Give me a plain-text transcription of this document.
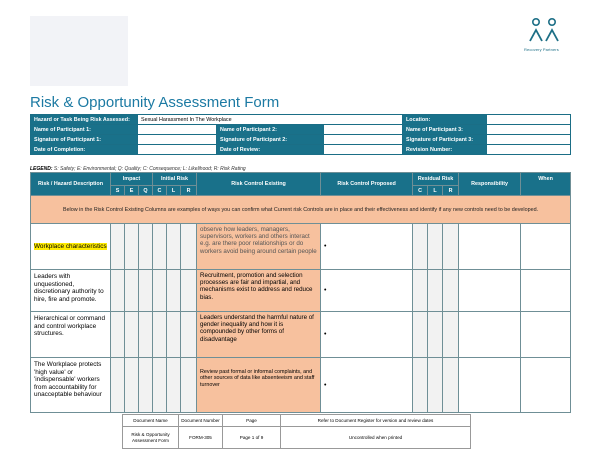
Recovery Partners
Risk & Opportunity Assessment Form
Hazard or Task Being Risk Assessed:	Sexual Harassment In The Workplace			Location:	
Name of Participant 1:		Name of Participant 2:		Name of Participant 3:	
Signature of Participant 1:		Signature of Participant 2:		Signature of Participant 3:	
Date of Completion:		Date of Review:		Revision Number:	
LEGEND: S: Safety; E: Environmental; Q: Quality; C: Consequence; L: Likelihood; R: Risk Rating
Risk / Hazard Description	Impact			Initial Risk			Risk Control Existing	Risk Control Proposed	Residual Risk			Responsibility	When
	S	E	Q	C	L	R			C	L	R		
Below in the Risk Control Existing Columns are examples of ways you can confirm what Current risk Controls are in place and their effectiveness and identify if any new controls need to be developed.													
Workplace characteristics							observe how leaders, managers, supervisors, workers and others interact e.g. are there poor relationships or do workers avoid being around certain people	•					
Leaders with unquestioned, discretionary authority to hire, fire and promote.							Recruitment, promotion and selection processes are fair and impartial, and mechanisms exist to address and reduce bias.	•					
Hierarchical or command and control workplace structures.							Leaders understand the harmful nature of gender inequality and how it is compounded by other forms of disadvantage	•					
The Workplace protects 'high value' or 'indispensable' workers from accountability for unacceptable behaviour							Review past formal or informal complaints, and other sources of data like absenteeism and staff turnover	•					
Document Name	Document Number	Page	Refer to Document Register for version and review dates
Risk & Opportunity Assessment Form	FORM-305	Page 1 of 9	Uncontrolled when printed
